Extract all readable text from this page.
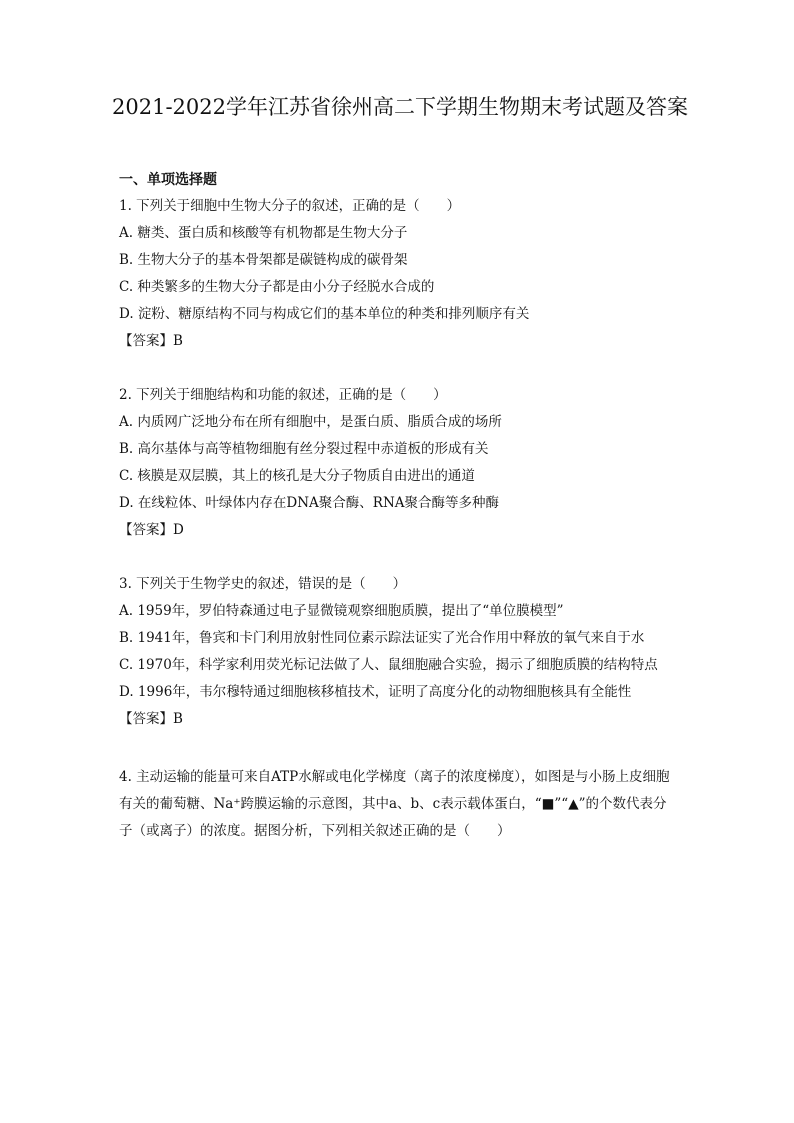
2021-2022学年江苏省徐州高二下学期生物期末考试题及答案
一、单项选择题
1. 下列关于细胞中生物大分子的叙述，正确的是（　　）
A. 糖类、蛋白质和核酸等有机物都是生物大分子
B. 生物大分子的基本骨架都是碳链构成的碳骨架
C. 种类繁多的生物大分子都是由小分子经脱水合成的
D. 淀粉、糖原结构不同与构成它们的基本单位的种类和排列顺序有关
【答案】B
2. 下列关于细胞结构和功能的叙述，正确的是（　　）
A. 内质网广泛地分布在所有细胞中，是蛋白质、脂质合成的场所
B. 高尔基体与高等植物细胞有丝分裂过程中赤道板的形成有关
C. 核膜是双层膜，其上的核孔是大分子物质自由进出的通道
D. 在线粒体、叶绿体内存在DNA聚合酶、RNA聚合酶等多种酶
【答案】D
3. 下列关于生物学史的叙述，错误的是（　　）
A. 1959年，罗伯特森通过电子显微镜观察细胞质膜，提出了“单位膜模型”
B. 1941年，鲁宾和卡门利用放射性同位素示踪法证实了光合作用中释放的氧气来自于水
C. 1970年，科学家利用荧光标记法做了人、鼠细胞融合实验，揭示了细胞质膜的结构特点
D. 1996年，韦尔穆特通过细胞核移植技术，证明了高度分化的动物细胞核具有全能性
【答案】B
4. 主动运输的能量可来自ATP水解或电化学梯度（离子的浓度梯度），如图是与小肠上皮细胞有关的葡萄糖、Na⁺跨膜运输的示意图，其中a、b、c表示载体蛋白，“■”“▲”的个数代表分子（或离子）的浓度。据图分析，下列相关叙述正确的是（　　）
